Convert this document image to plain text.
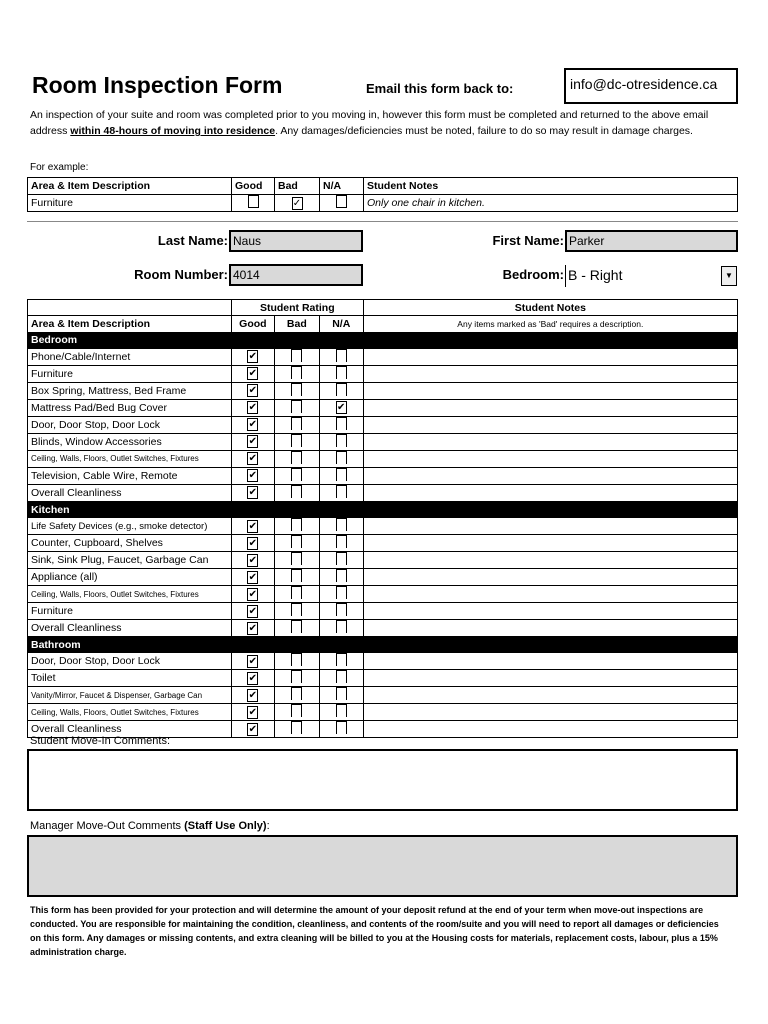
Room Inspection Form	Email this form back to:	info@dc-otresidence.ca
An inspection of your suite and room was completed prior to you moving in, however this form must be completed and returned to the above email address within 48-hours of moving into residence. Any damages/deficiencies must be noted, failure to do so may result in damage charges.
For example:
Area & Item Description	Good	Bad	N/A	Student Notes
Furniture		✓		Only one chair in kitchen.
Last Name: Naus	First Name: Parker
Room Number: 4014	Bedroom: B - Right	▼
	Student Rating			Student Notes
Area & Item Description	Good	Bad	N/A	Any items marked as 'Bad' requires a description.
Bedroom				
Phone/Cable/Internet	✔			
Furniture	✔			
Box Spring, Mattress, Bed Frame	✔			
Mattress Pad/Bed Bug Cover	✔		✔	
Door, Door Stop, Door Lock	✔			
Blinds, Window Accessories	✔			
Ceiling, Walls, Floors, Outlet Switches, Fixtures	✔			
Television, Cable Wire, Remote	✔			
Overall Cleanliness	✔			
Kitchen				
Life Safety Devices (e.g., smoke detector)	✔			
Counter, Cupboard, Shelves	✔			
Sink, Sink Plug, Faucet, Garbage Can	✔			
Appliance (all)	✔			
Ceiling, Walls, Floors, Outlet Switches, Fixtures	✔			
Furniture	✔			
Overall Cleanliness	✔			
Bathroom				
Door, Door Stop, Door Lock	✔			
Toilet	✔			
Vanity/Mirror, Faucet & Dispenser, Garbage Can	✔			
Ceiling, Walls, Floors, Outlet Switches, Fixtures	✔			
Overall Cleanliness	✔			
Student Move-In Comments:
Manager Move-Out Comments (Staff Use Only):
This form has been provided for your protection and will determine the amount of your deposit refund at the end of your term when move-out inspections are conducted. You are responsible for maintaining the condition, cleanliness, and contents of the room/suite and you will need to report all damages or deficiencies on this form. Any damages or missing contents, and extra cleaning will be billed to you at the Housing costs for materials, replacement costs, labour, plus a 15% administration charge.
